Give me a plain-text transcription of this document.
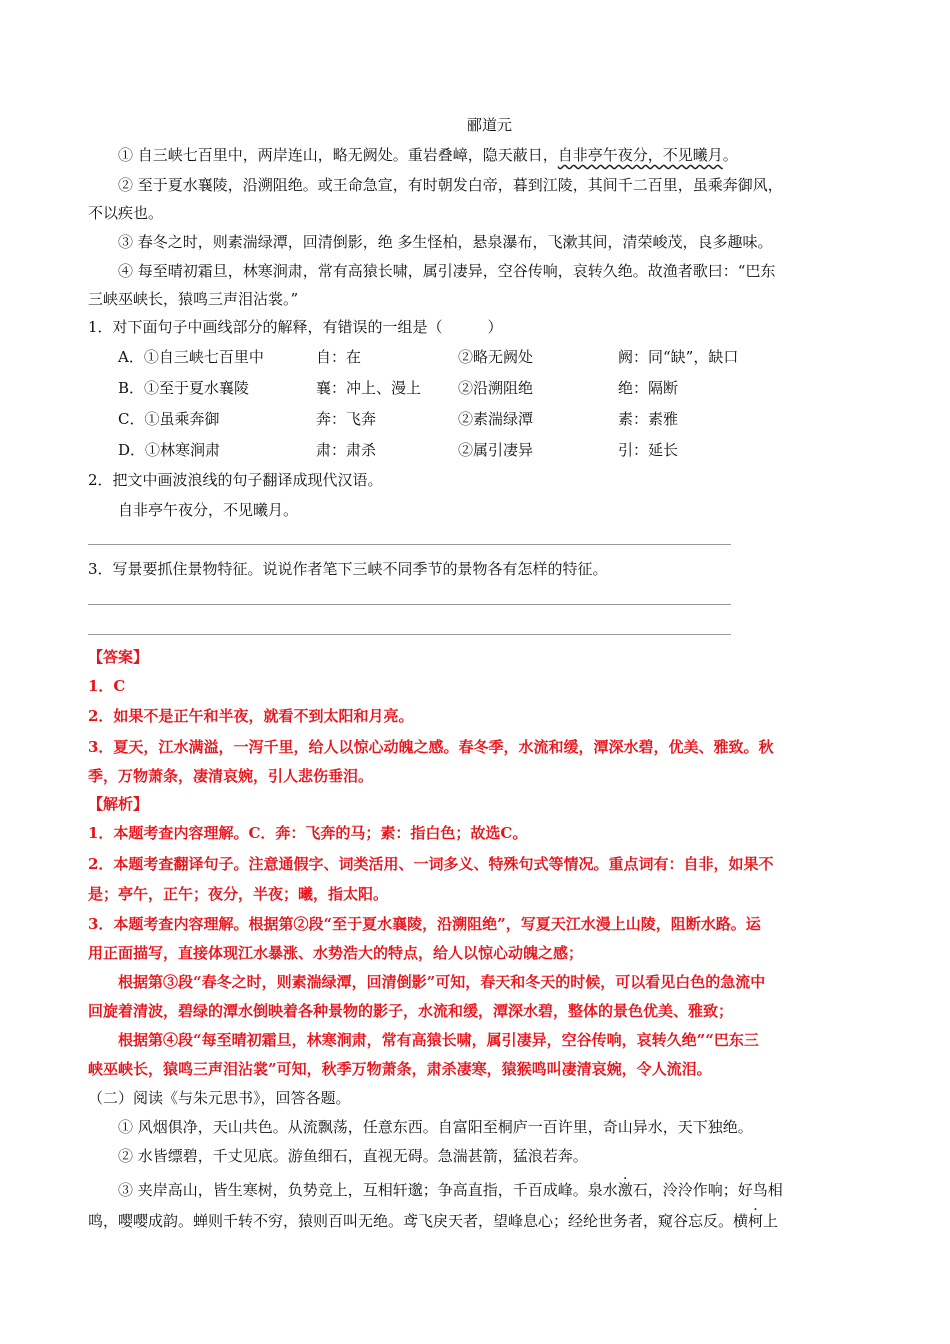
郦道元
① 自三峡七百里中，两岸连山，略无阙处。重岩叠嶂，隐天蔽日，自非亭午夜分，不见曦月。
② 至于夏水襄陵，沿溯阻绝。或王命急宣，有时朝发白帝，暮到江陵，其间千二百里，虽乘奔御风，
不以疾也。
③ 春冬之时，则素湍绿潭，回清倒影，绝 多生怪柏，悬泉瀑布，飞漱其间，清荣峻茂，良多趣味。
④ 每至晴初霜旦，林寒涧肃，常有高猿长啸，属引凄异，空谷传响，哀转久绝。故渔者歌曰：“巴东
三峡巫峡长，猿鸣三声泪沾裳。”
1．对下面句子中画线部分的解释，有错误的一组是（　　　）
A．①自三峡七百里中	自：在	②略无阙处	阙：同“缺”，缺口
B．①至于夏水襄陵	襄：冲上、漫上 ②沿溯阻绝	绝：隔断
C．①虽乘奔御	奔：飞奔	②素湍绿潭	素：素雅
D．①林寒涧肃	肃：肃杀	②属引凄异	引：延长
2．把文中画波浪线的句子翻译成现代汉语。
自非亭午夜分，不见曦月。
3．写景要抓住景物特征。说说作者笔下三峡不同季节的景物各有怎样的特征。
【答案】
1．C
2．如果不是正午和半夜，就看不到太阳和月亮。
3．夏天，江水满溢，一泻千里，给人以惊心动魄之感。春冬季，水流和缓，潭深水碧，优美、雅致。秋
季，万物萧条，凄清哀婉，引人悲伤垂泪。
【解析】
1．本题考查内容理解。C．奔：飞奔的马；素：指白色；故选C。
2．本题考查翻译句子。注意通假字、词类活用、一词多义、特殊句式等情况。重点词有：自非，如果不
是；亭午，正午；夜分，半夜；曦，指太阳。
3．本题考查内容理解。根据第②段“至于夏水襄陵，沿溯阻绝”，写夏天江水漫上山陵，阻断水路。运
用正面描写，直接体现江水暴涨、水势浩大的特点，给人以惊心动魄之感；
根据第③段“春冬之时，则素湍绿潭，回清倒影”可知，春天和冬天的时候，可以看见白色的急流中
回旋着清波，碧绿的潭水倒映着各种景物的影子，水流和缓，潭深水碧，整体的景色优美、雅致；
根据第④段“每至晴初霜旦，林寒涧肃，常有高猿长啸，属引凄异，空谷传响，哀转久绝”“巴东三
峡巫峡长，猿鸣三声泪沾裳”可知，秋季万物萧条，肃杀凄寒，猿猴鸣叫凄清哀婉，令人流泪。
（二）阅读《与朱元思书》，回答各题。
① 风烟俱净，天山共色。从流飘荡，任意东西。自富阳至桐庐一百许里，奇山异水，天下独绝。
② 水皆缥碧，千丈见底。游鱼细石，直视无碍。急湍甚箭，猛浪若奔。
③ 夹岸高山，皆生寒树，负势竞上，互相轩邈；争高直指，千百成峰。泉水激石，泠泠作响；好鸟相
鸣，嘤嘤成韵。蝉则千转不穷，猿则百叫无绝。鸢飞戾天者，望峰息心；经纶世务者，窥谷忘反。横柯上
